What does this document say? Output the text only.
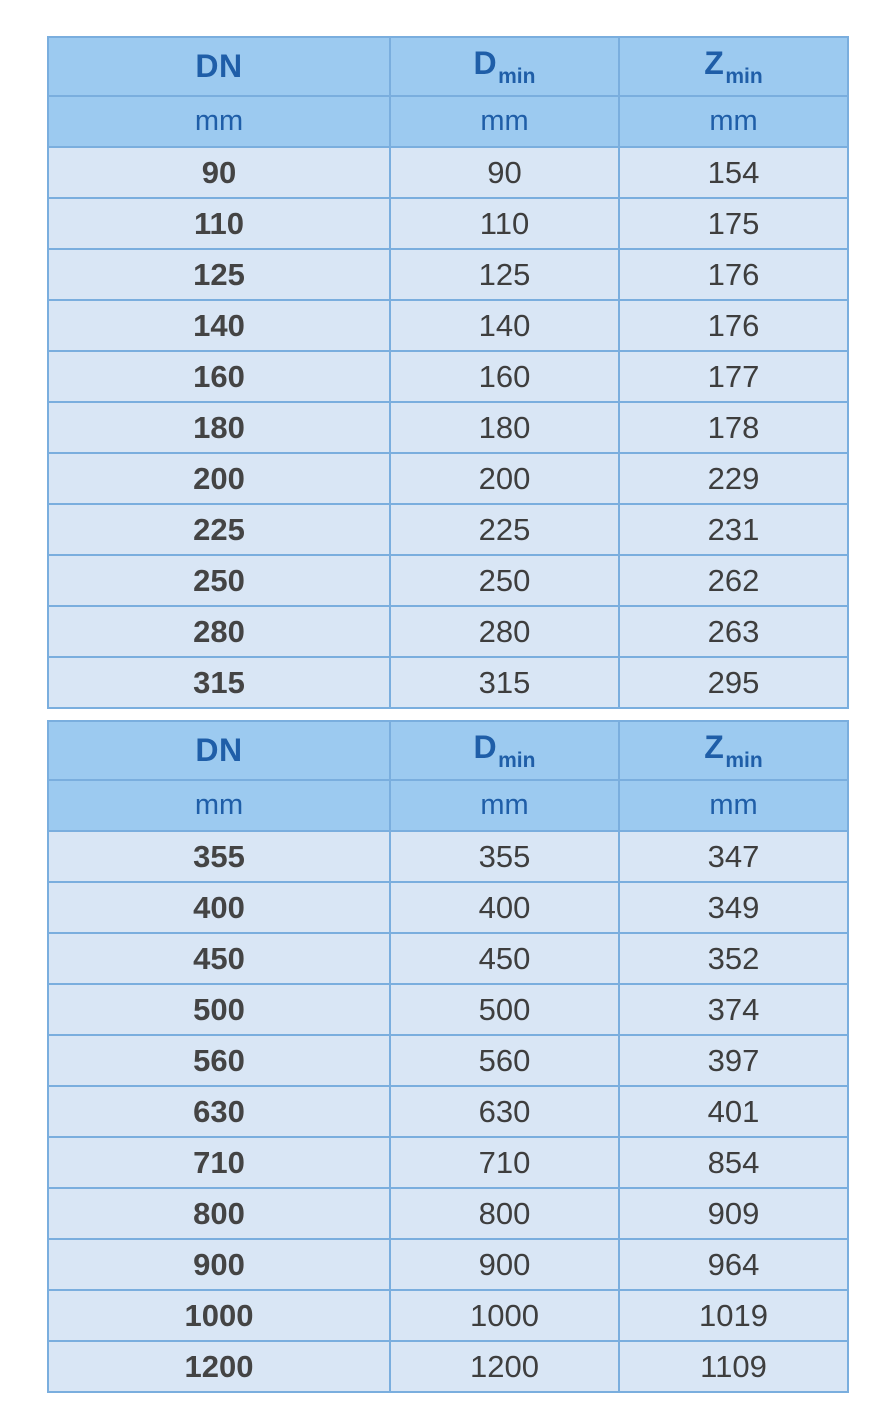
DN	$D_{min}$	$Z_{min}$
mm	mm	mm
90	90	154
110	110	175
125	125	176
140	140	176
160	160	177
180	180	178
200	200	229
225	225	231
250	250	262
280	280	263
315	315	295
DN	$D_{min}$	$Z_{min}$
mm	mm	mm
355	355	347
400	400	349
450	450	352
500	500	374
560	560	397
630	630	401
710	710	854
800	800	909
900	900	964
1000	1000	1019
1200	1200	1109
